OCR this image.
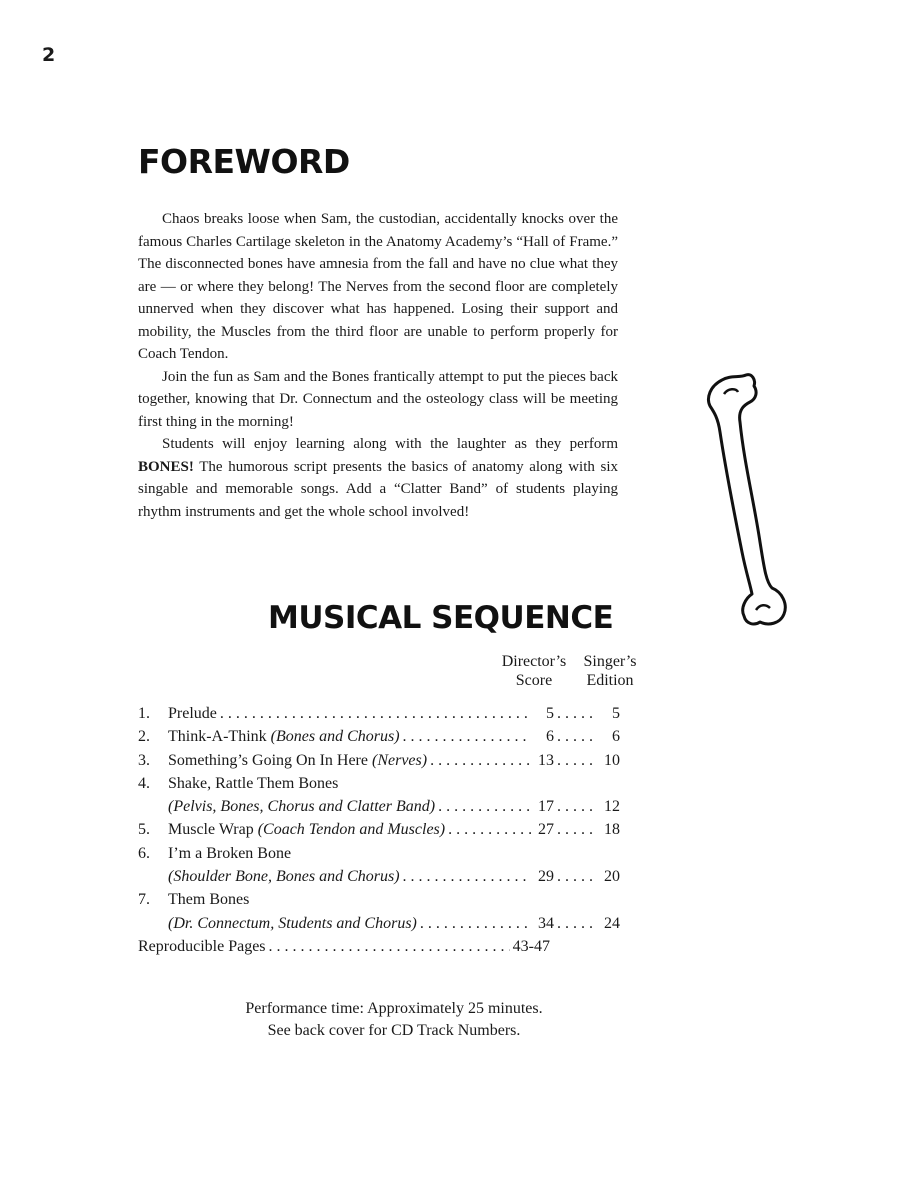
2
FOREWORD

Chaos breaks loose when Sam, the custodian, accidentally knocks over the famous Charles Cartilage skeleton in the Anatomy Academy’s “Hall of Frame.” The disconnected bones have amnesia from the fall and have no clue what they are — or where they belong! The Nerves from the second floor are completely unnerved when they discover what has happened. Losing their support and mobility, the Muscles from the third floor are unable to perform properly for Coach Tendon.

Join the fun as Sam and the Bones frantically attempt to put the pieces back together, knowing that Dr. Connectum and the osteology class will be meeting first thing in the morning!

Students will enjoy learning along with the laughter as they perform BONES! The humorous script presents the basics of anatomy along with six singable and memorable songs. Add a “Clatter Band” of students playing rhythm instruments and get the whole school involved!

MUSICAL SEQUENCE
Director’s
Score
Singer’s
Edition
1. Prelude . . .	5 . . .	5
2. Think-A-Think (Bones and Chorus) . . .	6 . . .	6
3. Something’s Going On In Here (Nerves) . . .	13 . . .	10
4. Shake, Rattle Them Bones
(Pelvis, Bones, Chorus and Clatter Band) . . .	17 . . .	12
5. Muscle Wrap (Coach Tendon and Muscles) . . .	27 . . .	18
6. I’m a Broken Bone
(Shoulder Bone, Bones and Chorus) . . .	29 . . .	20
7. Them Bones
(Dr. Connectum, Students and Chorus) . . .	34 . . .	24
Reproducible Pages . . .	43-47
Performance time: Approximately 25 minutes.
See back cover for CD Track Numbers.
